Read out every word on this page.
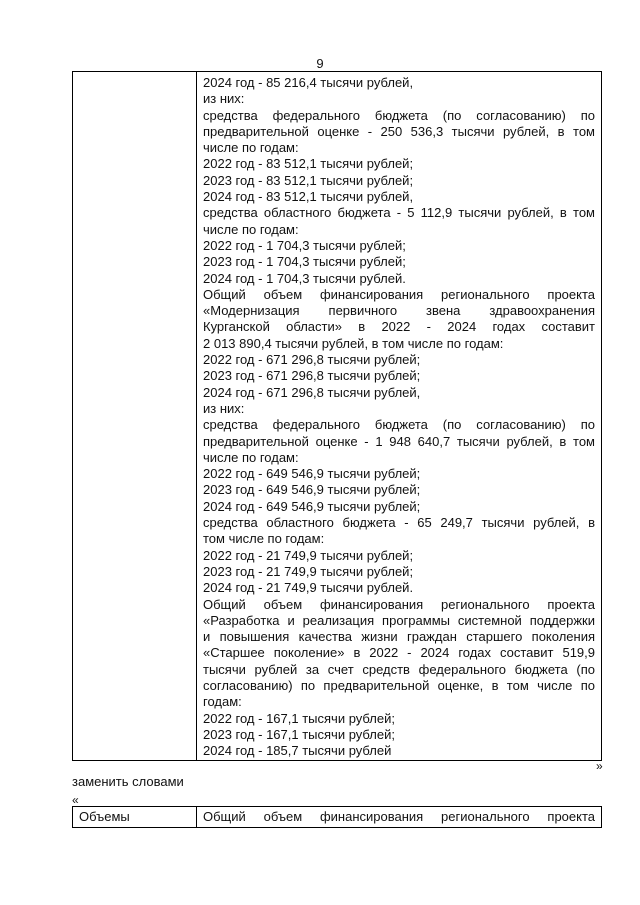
9

2024 год - 85 216,4 тысячи рублей,
из них:
средства федерального бюджета (по согласованию) по
предварительной оценке - 250 536,3 тысячи рублей, в том
числе по годам:
2022 год - 83 512,1 тысячи рублей;
2023 год - 83 512,1 тысячи рублей;
2024 год - 83 512,1 тысячи рублей,
средства областного бюджета - 5 112,9 тысячи рублей, в том
числе по годам:
2022 год - 1 704,3 тысячи рублей;
2023 год - 1 704,3 тысячи рублей;
2024 год - 1 704,3 тысячи рублей.
Общий объем финансирования регионального проекта
«Модернизация первичного звена здравоохранения
Курганской области» в 2022 - 2024 годах составит
2 013 890,4 тысячи рублей, в том числе по годам:
2022 год - 671 296,8 тысячи рублей;
2023 год - 671 296,8 тысячи рублей;
2024 год - 671 296,8 тысячи рублей,
из них:
средства федерального бюджета (по согласованию) по
предварительной оценке - 1 948 640,7 тысячи рублей, в том
числе по годам:
2022 год - 649 546,9 тысячи рублей;
2023 год - 649 546,9 тысячи рублей;
2024 год - 649 546,9 тысячи рублей;
средства областного бюджета - 65 249,7 тысячи рублей, в
том числе по годам:
2022 год - 21 749,9 тысячи рублей;
2023 год - 21 749,9 тысячи рублей;
2024 год - 21 749,9 тысячи рублей.
Общий объем финансирования регионального проекта
«Разработка и реализация программы системной поддержки
и повышения качества жизни граждан старшего поколения
«Старшее поколение» в 2022 - 2024 годах составит 519,9
тысячи рублей за счет средств федерального бюджета (по
согласованию) по предварительной оценке, в том числе по
годам:
2022 год - 167,1 тысячи рублей;
2023 год - 167,1 тысячи рублей;
2024 год - 185,7 тысячи рублей
»
заменить словами
«
Объемы	Общий объем финансирования регионального проекта
